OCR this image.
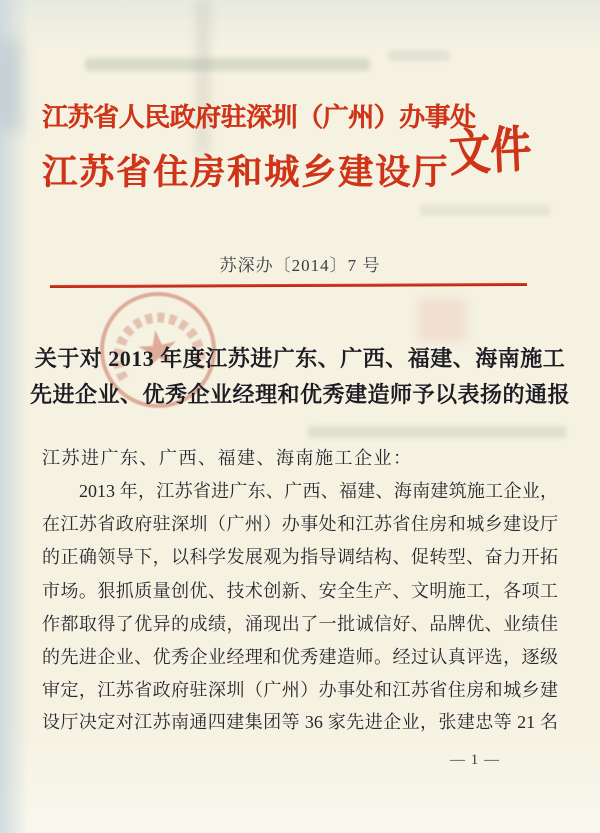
江苏省人民政府驻深圳（广州）办事处
江苏省住房和城乡建设厅
文件
苏深办〔2014〕7 号
关于对 2013 年度江苏进广东、广西、福建、海南施工
先进企业、优秀企业经理和优秀建造师予以表扬的通报
江苏进广东、广西、福建、海南施工企业：
2013 年，江苏省进广东、广西、福建、海南建筑施工企业，
在江苏省政府驻深圳（广州）办事处和江苏省住房和城乡建设厅
的正确领导下，以科学发展观为指导调结构、促转型、奋力开拓
市场。狠抓质量创优、技术创新、安全生产、文明施工，各项工
作都取得了优异的成绩，涌现出了一批诚信好、品牌优、业绩佳
的先进企业、优秀企业经理和优秀建造师。经过认真评选，逐级
审定，江苏省政府驻深圳（广州）办事处和江苏省住房和城乡建
设厅决定对江苏南通四建集团等 36 家先进企业，张建忠等 21 名
— 1 —
